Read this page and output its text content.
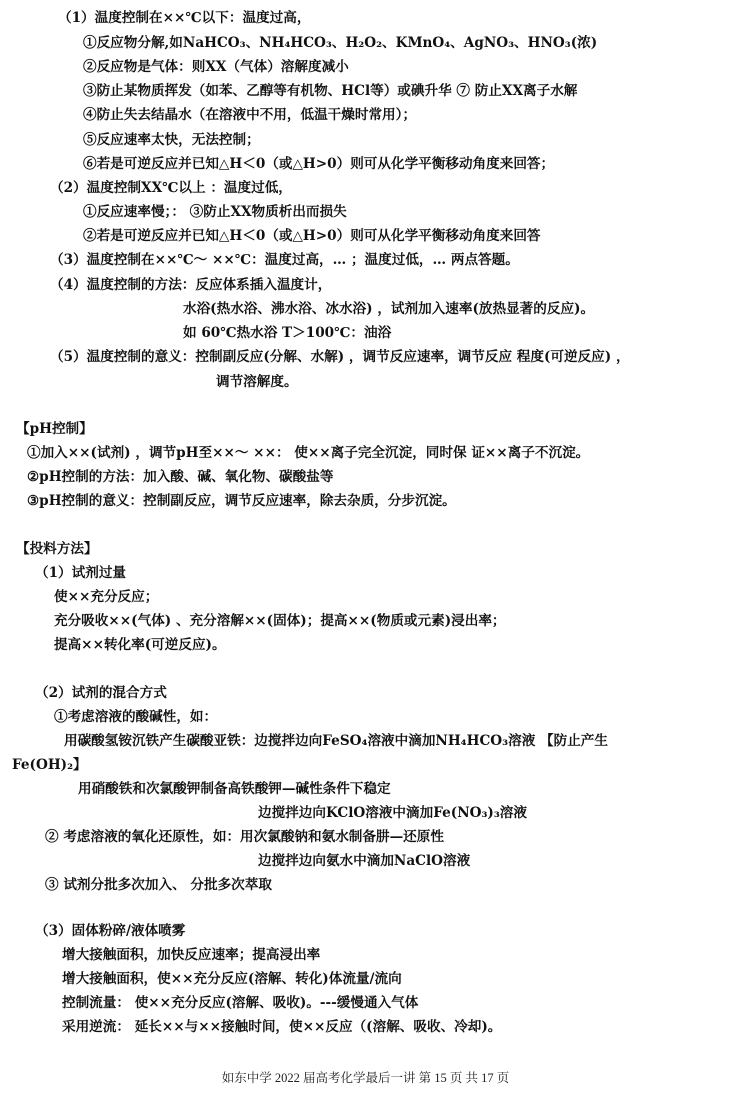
（1）温度控制在××℃以下：温度过高，
①反应物分解,如NaHCO₃、NH₄HCO₃、H₂O₂、KMnO₄、AgNO₃、HNO₃(浓)
②反应物是气体：则XX（气体）溶解度减小
③防止某物质挥发（如苯、乙醇等有机物、HCl等）或碘升华 ⑦ 防止XX离子水解
④防止失去结晶水（在溶液中不用，低温干燥时常用）；
⑤反应速率太快，无法控制；
⑥若是可逆反应并已知△H＜0（或△H>0）则可从化学平衡移动角度来回答；
（2）温度控制XX℃以上 ：温度过低，
①反应速率慢；： ③防止XX物质析出而损失
②若是可逆反应并已知△H＜0（或△H>0）则可从化学平衡移动角度来回答
（3）温度控制在××℃～ ××℃：温度过高，… ；温度过低，… 两点答题。
（4）温度控制的方法：反应体系插入温度计，
水浴(热水浴、沸水浴、冰水浴) ，试剂加入速率(放热显著的反应)。
如 60℃热水浴 T＞100℃：油浴
（5）温度控制的意义：控制副反应(分解、水解) ，调节反应速率，调节反应 程度(可逆反应) ，
调节溶解度。
【pH控制】
①加入××(试剂) ，调节pH至××～ ××： 使××离子完全沉淀，同时保 证××离子不沉淀。
②pH控制的方法：加入酸、碱、氧化物、碳酸盐等
③pH控制的意义：控制副反应，调节反应速率，除去杂质，分步沉淀。
【投料方法】
（1）试剂过量
使××充分反应；
充分吸收××(气体) 、充分溶解××(固体)；提高××(物质或元素)浸出率；
提高××转化率(可逆反应)。
（2）试剂的混合方式
①考虑溶液的酸碱性，如：
用碳酸氢铵沉铁产生碳酸亚铁：边搅拌边向FeSO₄溶液中滴加NH₄HCO₃溶液 【防止产生
Fe(OH)₂】
用硝酸铁和次氯酸钾制备高铁酸钾—碱性条件下稳定
边搅拌边向KClO溶液中滴加Fe(NO₃)₃溶液
② 考虑溶液的氧化还原性，如：用次氯酸钠和氨水制备肼—还原性
边搅拌边向氨水中滴加NaClO溶液
③ 试剂分批多次加入、 分批多次萃取
（3）固体粉碎/液体喷雾
增大接触面积，加快反应速率；提高浸出率
增大接触面积，使××充分反应(溶解、转化)体流量/流向
控制流量： 使××充分反应(溶解、吸收)。---缓慢通入气体
采用逆流： 延长××与××接触时间，使××反应（(溶解、吸收、冷却)。
如东中学 2022 届高考化学最后一讲 第 15 页 共 17 页
